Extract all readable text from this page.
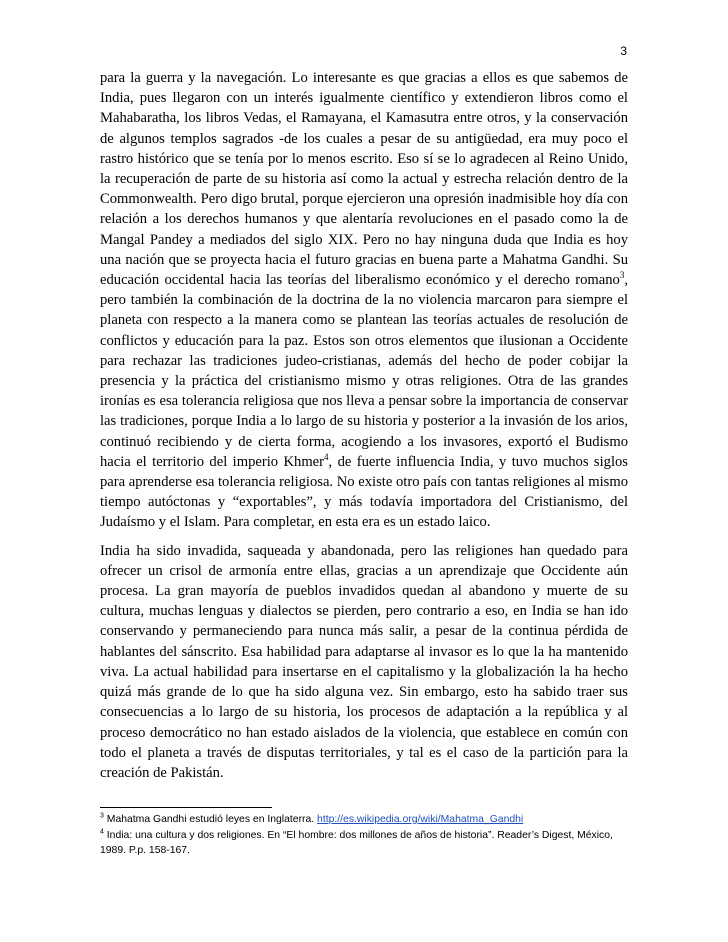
3

para la guerra y la navegación. Lo interesante es que gracias a ellos es que sabemos de India, pues llegaron con un interés igualmente científico y extendieron libros como el Mahabaratha, los libros Vedas, el Ramayana, el Kamasutra entre otros, y la conservación de algunos templos sagrados -de los cuales a pesar de su antigüedad, era muy poco el rastro histórico que se tenía por lo menos escrito. Eso sí se lo agradecen al Reino Unido, la recuperación de parte de su historia así como la actual y estrecha relación dentro de la Commonwealth. Pero digo brutal, porque ejercieron una opresión inadmisible hoy día con relación a los derechos humanos y que alentaría revoluciones en el pasado como la de Mangal Pandey a mediados del siglo XIX. Pero no hay ninguna duda que India es hoy una nación que se proyecta hacia el futuro gracias en buena parte a Mahatma Gandhi. Su educación occidental hacia las teorías del liberalismo económico y el derecho romano$^3$, pero también la combinación de la doctrina de la no violencia marcaron para siempre el planeta con respecto a la manera como se plantean las teorías actuales de resolución de conflictos y educación para la paz. Estos son otros elementos que ilusionan a Occidente para rechazar las tradiciones judeo-cristianas, además del hecho de poder cobijar la presencia y la práctica del cristianismo mismo y otras religiones. Otra de las grandes ironías es esa tolerancia religiosa que nos lleva a pensar sobre la importancia de conservar las tradiciones, porque India a lo largo de su historia y posterior a la invasión de los arios, continuó recibiendo y de cierta forma, acogiendo a los invasores, exportó el Budismo hacia el territorio del imperio Khmer$^4$, de fuerte influencia India, y tuvo muchos siglos para aprenderse esa tolerancia religiosa. No existe otro país con tantas religiones al mismo tiempo autóctonas y “exportables”, y más todavía importadora del Cristianismo, del Judaísmo y el Islam. Para completar, en esta era es un estado laico.

India ha sido invadida, saqueada y abandonada, pero las religiones han quedado para ofrecer un crisol de armonía entre ellas, gracias a un aprendizaje que Occidente aún procesa. La gran mayoría de pueblos invadidos quedan al abandono y muerte de su cultura, muchas lenguas y dialectos se pierden, pero contrario a eso, en India se han ido conservando y permaneciendo para nunca más salir, a pesar de la continua pérdida de hablantes del sánscrito. Esa habilidad para adaptarse al invasor es lo que la ha mantenido viva. La actual habilidad para insertarse en el capitalismo y la globalización la ha hecho quizá más grande de lo que ha sido alguna vez. Sin embargo, esto ha sabido traer sus consecuencias a lo largo de su historia, los procesos de adaptación a la república y al proceso democrático no han estado aislados de la violencia, que establece en común con todo el planeta a través de disputas territoriales, y tal es el caso de la partición para la creación de Pakistán.

$^3$ Mahatma Gandhi estudió leyes en Inglaterra. http://es.wikipedia.org/wiki/Mahatma_Gandhi

$^4$ India: una cultura y dos religiones. En “El hombre: dos millones de años de historia”. Reader’s Digest, México, 1989. P.p. 158-167.
